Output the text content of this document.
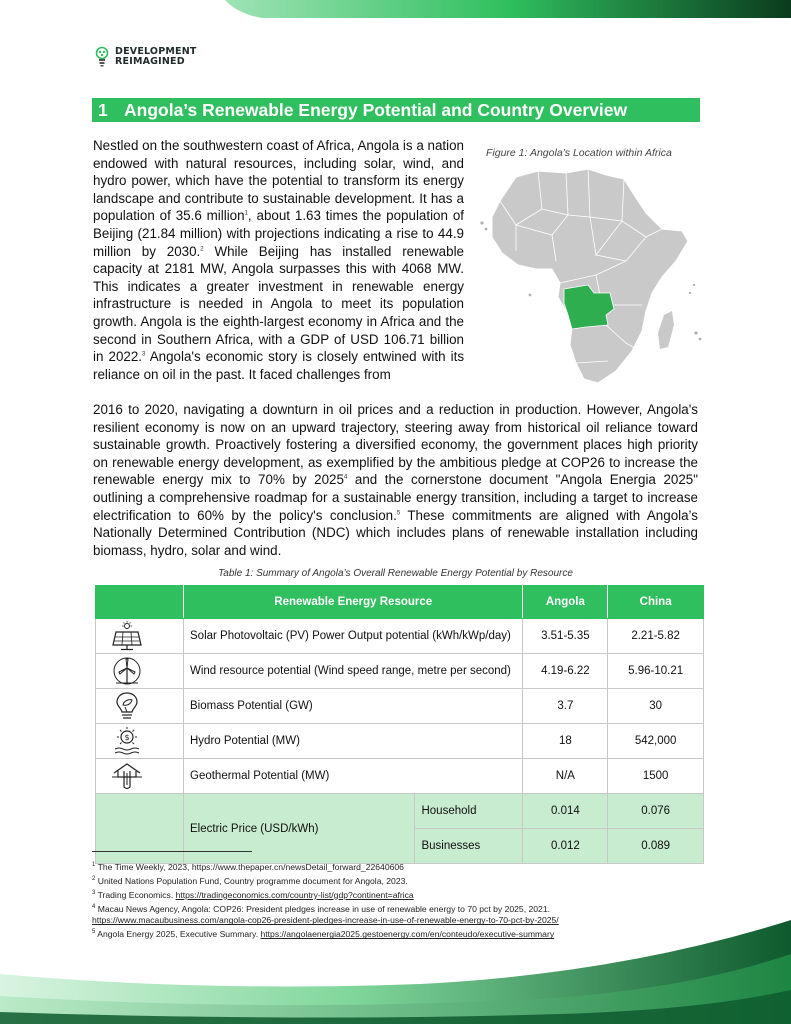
DEVELOPMENT
REIMAGINED
1 Angola’s Renewable Energy Potential and Country Overview
Figure 1: Angola’s Location within Africa
Nestled on the southwestern coast of Africa, Angola is a nation endowed with natural resources, including solar, wind, and hydro power, which have the potential to transform its energy landscape and contribute to sustainable development. It has a population of 35.6 million$^1$, about 1.63 times the population of Beijing (21.84 million) with projections indicating a rise to 44.9 million by 2030.$^2$ While Beijing has installed renewable capacity at 2181 MW, Angola surpasses this with 4068 MW. This indicates a greater investment in renewable energy infrastructure is needed in Angola to meet its population growth. Angola is the eighth-largest economy in Africa and the second in Southern Africa, with a GDP of USD 106.71 billion in 2022.$^3$ Angola's economic story is closely entwined with its reliance on oil in the past. It faced challenges from
2016 to 2020, navigating a downturn in oil prices and a reduction in production. However, Angola's resilient economy is now on an upward trajectory, steering away from historical oil reliance toward sustainable growth. Proactively fostering a diversified economy, the government places high priority on renewable energy development, as exemplified by the ambitious pledge at COP26 to increase the renewable energy mix to 70% by 2025$^4$ and the cornerstone document "Angola Energia 2025" outlining a comprehensive roadmap for a sustainable energy transition, including a target to increase electrification to 60% by the policy's conclusion.$^5$ These commitments are aligned with Angola’s Nationally Determined Contribution (NDC) which includes plans of renewable installation including biomass, hydro, solar and wind.
Table 1: Summary of Angola’s Overall Renewable Energy Potential by Resource
	Renewable Energy Resource		Angola	China

	Solar Photovoltaic (PV) Power Output potential (kWh/kWp/day)		3.51-5.35	2.21-5.82

	Wind resource potential (Wind speed range, metre per second)		4.19-6.22	5.96-10.21

	Biomass Potential (GW)		3.7	30

$	Hydro Potential (MW)		18	542,000

	Geothermal Potential (MW)		N/A	1500
	Electric Price (USD/kWh)	Household	0.014	0.076
		Businesses	0.012	0.089
$^1$ The Time Weekly, 2023, https://www.thepaper.cn/newsDetail_forward_22640606
$^2$ United Nations Population Fund, Country programme document for Angola, 2023.
$^3$ Trading Economics. https://tradingeconomics.com/country-list/gdp?continent=africa
$^4$ Macau News Agency, Angola: COP26: President pledges increase in use of renewable energy to 70 pct by 2025, 2021.
https://www.macaubusiness.com/angola-cop26-president-pledges-increase-in-use-of-renewable-energy-to-70-pct-by-2025/
$^5$ Angola Energy 2025, Executive Summary. https://angolaenergia2025.gestoenergy.com/en/conteudo/executive-summary
